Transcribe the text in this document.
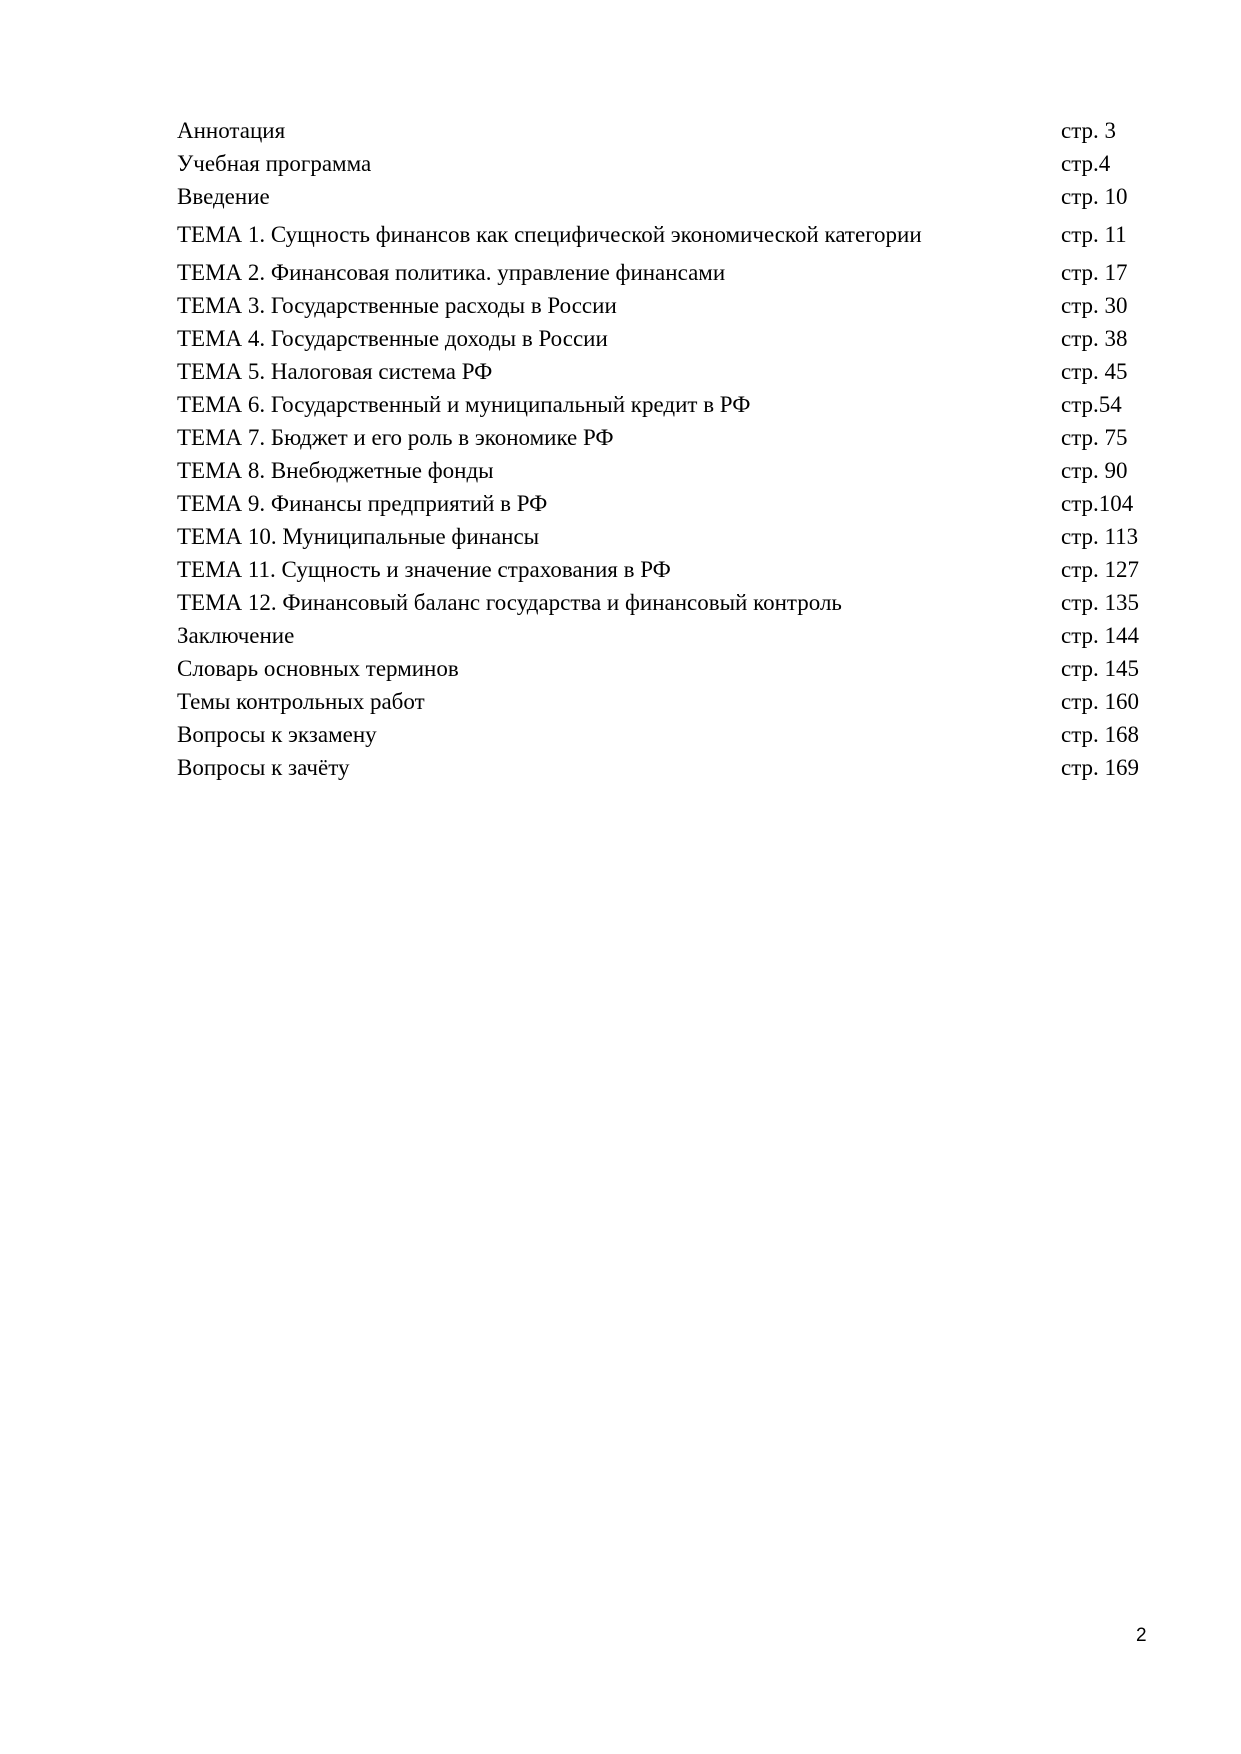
Аннотация	стр. 3
Учебная программа	стр.4
Введение	стр. 10
ТЕМА 1. Сущность финансов как специфической экономической категории	стр. 11
ТЕМА 2. Финансовая политика. управление финансами	стр. 17
ТЕМА 3. Государственные расходы в России	стр. 30
ТЕМА 4. Государственные доходы в России	стр. 38
ТЕМА 5. Налоговая система РФ	стр. 45
ТЕМА 6. Государственный и муниципальный кредит в РФ	стр.54
ТЕМА 7. Бюджет и его роль в экономике РФ	стр. 75
ТЕМА 8. Внебюджетные фонды	стр. 90
ТЕМА 9. Финансы предприятий в РФ	стр.104
ТЕМА 10. Муниципальные финансы	стр. 113
ТЕМА 11. Сущность и значение страхования в РФ	стр. 127
ТЕМА 12. Финансовый баланс государства и финансовый контроль	стр. 135
Заключение	стр. 144
Словарь основных терминов	стр. 145
Темы контрольных работ	стр. 160
Вопросы к экзамену	стр. 168
Вопросы к зачёту	стр. 169
2
